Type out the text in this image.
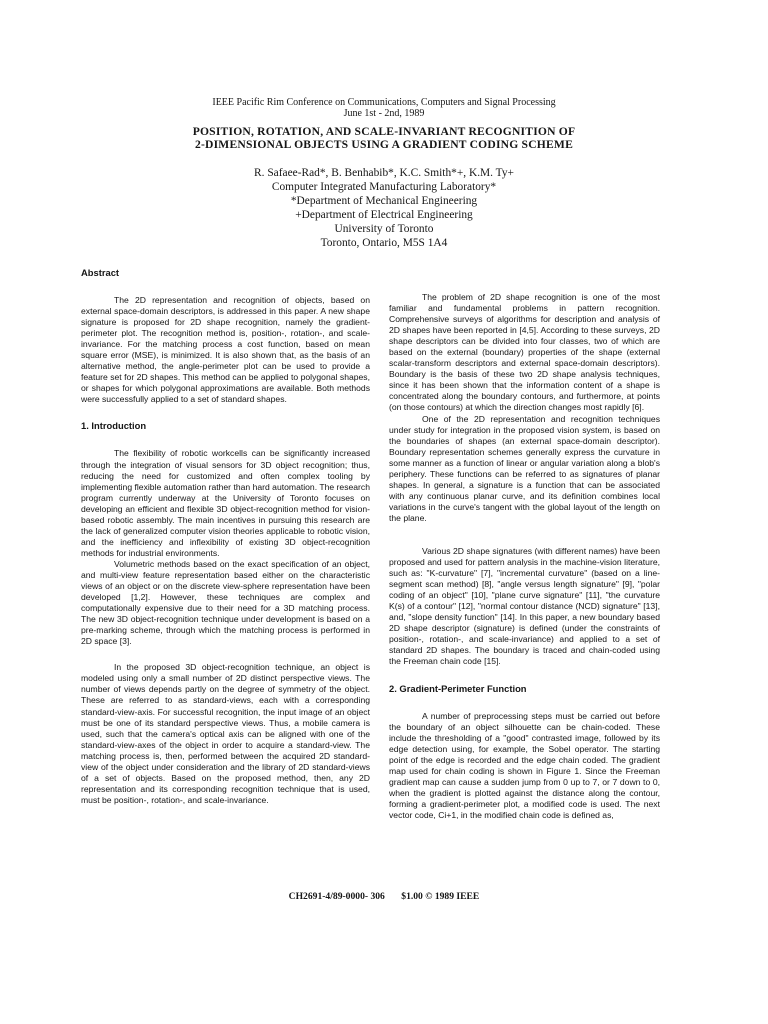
IEEE Pacific Rim Conference on Communications, Computers and Signal Processing
June 1st - 2nd, 1989
POSITION, ROTATION, AND SCALE-INVARIANT RECOGNITION OF
2-DIMENSIONAL OBJECTS USING A GRADIENT CODING SCHEME
R. Safaee-Rad*, B. Benhabib*, K.C. Smith*+, K.M. Ty+
Computer Integrated Manufacturing Laboratory*
*Department of Mechanical Engineering
+Department of Electrical Engineering
University of Toronto
Toronto, Ontario, M5S 1A4
Abstract

The 2D representation and recognition of objects, based on external space-domain descriptors, is addressed in this paper. A new shape signature is proposed for 2D shape recognition, namely the gradient-perimeter plot. The recognition method is, position-, rotation-, and scale-invariance. For the matching process a cost function, based on mean square error (MSE), is minimized. It is also shown that, as the basis of an alternative method, the angle-perimeter plot can be used to provide a feature set for 2D shapes. This method can be applied to polygonal shapes, or shapes for which polygonal approximations are available. Both methods were successfully applied to a set of standard shapes.

1. Introduction

The flexibility of robotic workcells can be significantly increased through the integration of visual sensors for 3D object recognition; thus, reducing the need for customized and often complex tooling by implementing flexible automation rather than hard automation. The research program currently underway at the University of Toronto focuses on developing an efficient and flexible 3D object-recognition method for vision-based robotic assembly. The main incentives in pursuing this research are the lack of generalized computer vision theories applicable to robotic vision, and the inefficiency and inflexibility of existing 3D object-recognition methods for industrial environments.

Volumetric methods based on the exact specification of an object, and multi-view feature representation based either on the characteristic views of an object or on the discrete view-sphere representation have been developed [1,2]. However, these techniques are complex and computationally expensive due to their need for a 3D matching process. The new 3D object-recognition technique under development is based on a pre-marking scheme, through which the matching process is performed in 2D space [3].

In the proposed 3D object-recognition technique, an object is modeled using only a small number of 2D distinct perspective views. The number of views depends partly on the degree of symmetry of the object. These are referred to as standard-views, each with a corresponding standard-view-axis. For successful recognition, the input image of an object must be one of its standard perspective views. Thus, a mobile camera is used, such that the camera's optical axis can be aligned with one of the standard-view-axes of the object in order to acquire a standard-view. The matching process is, then, performed between the acquired 2D standard-view of the object under consideration and the library of 2D standard-views of a set of objects. Based on the proposed method, then, any 2D representation and its corresponding recognition technique that is used, must be position-, rotation-, and scale-invariance.

The problem of 2D shape recognition is one of the most familiar and fundamental problems in pattern recognition. Comprehensive surveys of algorithms for description and analysis of 2D shapes have been reported in [4,5]. According to these surveys, 2D shape descriptors can be divided into four classes, two of which are based on the external (boundary) properties of the shape (external scalar-transform descriptors and external space-domain descriptors). Boundary is the basis of these two 2D shape analysis techniques, since it has been shown that the information content of a shape is concentrated along the boundary contours, and furthermore, at points (on those contours) at which the direction changes most rapidly [6].

One of the 2D representation and recognition techniques under study for integration in the proposed vision system, is based on the boundaries of shapes (an external space-domain descriptor). Boundary representation schemes generally express the curvature in some manner as a function of linear or angular variation along a blob's periphery. These functions can be referred to as signatures of planar shapes. In general, a signature is a function that can be associated with any continuous planar curve, and its definition combines local variations in the curve's tangent with the global layout of the length on the plane.

Various 2D shape signatures (with different names) have been proposed and used for pattern analysis in the machine-vision literature, such as: "K-curvature" [7], "incremental curvature" (based on a line-segment scan method) [8], "angle versus length signature" [9], "polar coding of an object" [10], "plane curve signature" [11], "the curvature K(s) of a contour" [12], "normal contour distance (NCD) signature" [13], and, "slope density function" [14]. In this paper, a new boundary based 2D shape descriptor (signature) is defined (under the constraints of position-, rotation-, and scale-invariance) and applied to a set of standard 2D shapes. The boundary is traced and chain-coded using the Freeman chain code [15].

2. Gradient-Perimeter Function

A number of preprocessing steps must be carried out before the boundary of an object silhouette can be chain-coded. These include the thresholding of a "good" contrasted image, followed by its edge detection using, for example, the Sobel operator. The starting point of the edge is recorded and the edge chain coded. The gradient map used for chain coding is shown in Figure 1. Since the Freeman gradient map can cause a sudden jump from 0 up to 7, or 7 down to 0, when the gradient is plotted against the distance along the contour, forming a gradient-perimeter plot, a modified code is used. The next vector code, Ci+1, in the modified chain code is defined as,

CH2691-4/89-0000- 306 $1.00 © 1989 IEEE
